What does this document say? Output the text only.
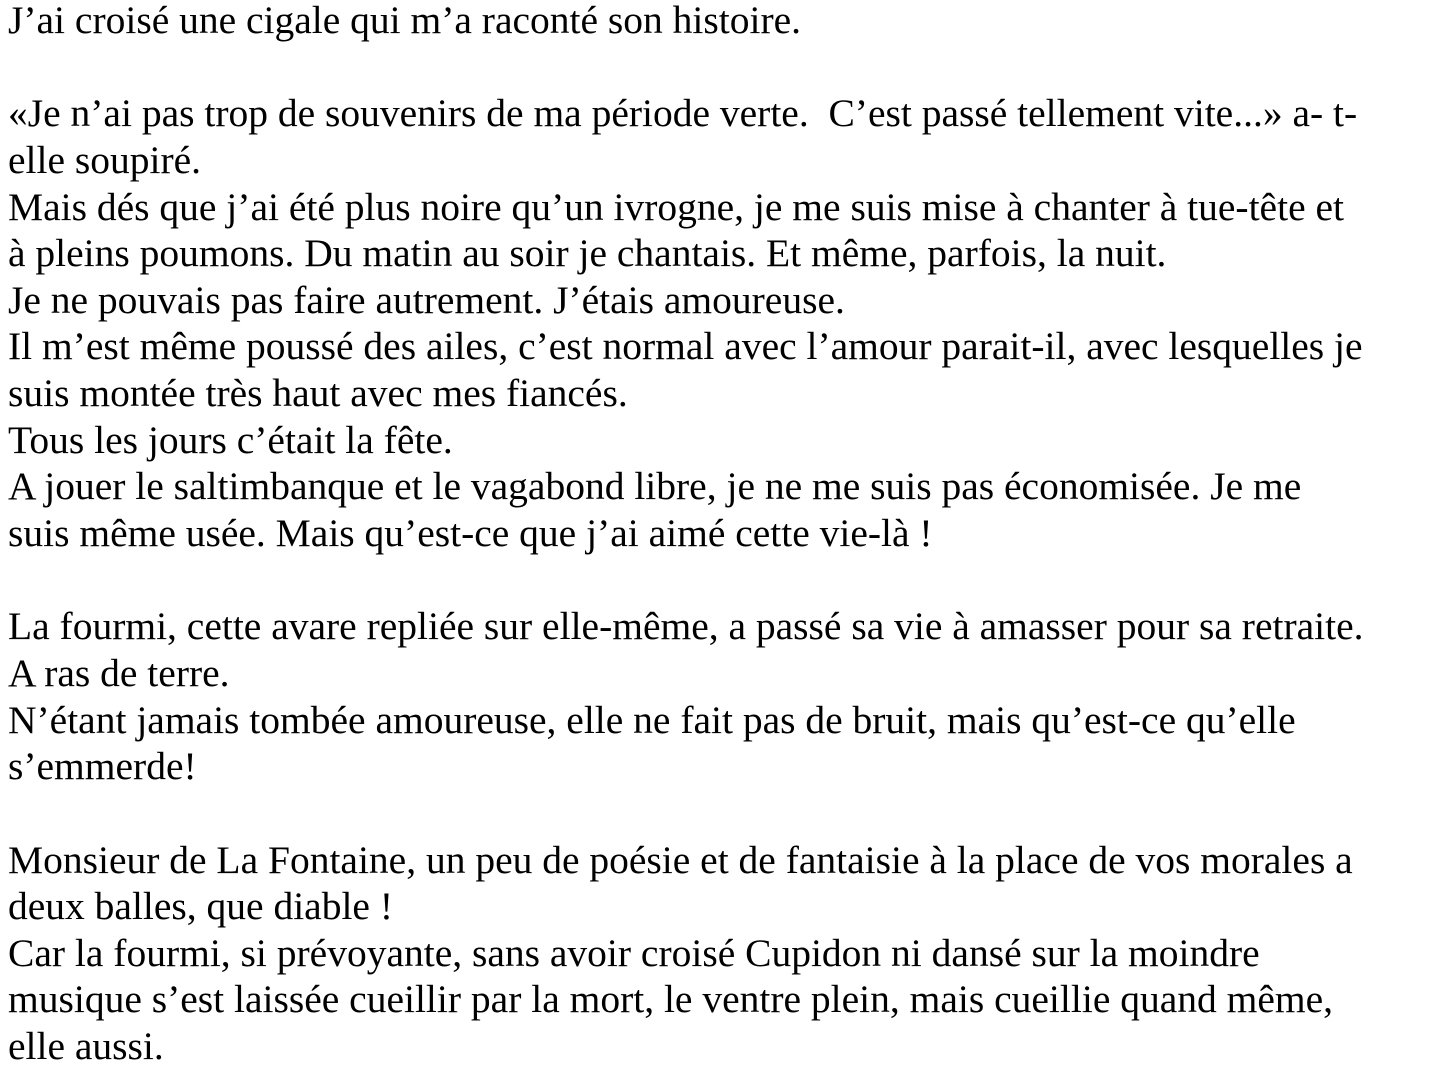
J’ai croisé une cigale qui m’a raconté son histoire.
«Je n’ai pas trop de souvenirs de ma période verte.  C’est passé tellement vite...» a- t-
elle soupiré.
Mais dés que j’ai été plus noire qu’un ivrogne, je me suis mise à chanter à tue-tête et
à pleins poumons. Du matin au soir je chantais. Et même, parfois, la nuit.
Je ne pouvais pas faire autrement. J’étais amoureuse.
Il m’est même poussé des ailes, c’est normal avec l’amour parait-il, avec lesquelles je
suis montée très haut avec mes fiancés.
Tous les jours c’était la fête.
A jouer le saltimbanque et le vagabond libre, je ne me suis pas économisée. Je me
suis même usée. Mais qu’est-ce que j’ai aimé cette vie-là !
La fourmi, cette avare repliée sur elle-même, a passé sa vie à amasser pour sa retraite.
A ras de terre.
N’étant jamais tombée amoureuse, elle ne fait pas de bruit, mais qu’est-ce qu’elle
s’emmerde!
Monsieur de La Fontaine, un peu de poésie et de fantaisie à la place de vos morales a
deux balles, que diable !
Car la fourmi, si prévoyante, sans avoir croisé Cupidon ni dansé sur la moindre
musique s’est laissée cueillir par la mort, le ventre plein, mais cueillie quand même,
elle aussi.
